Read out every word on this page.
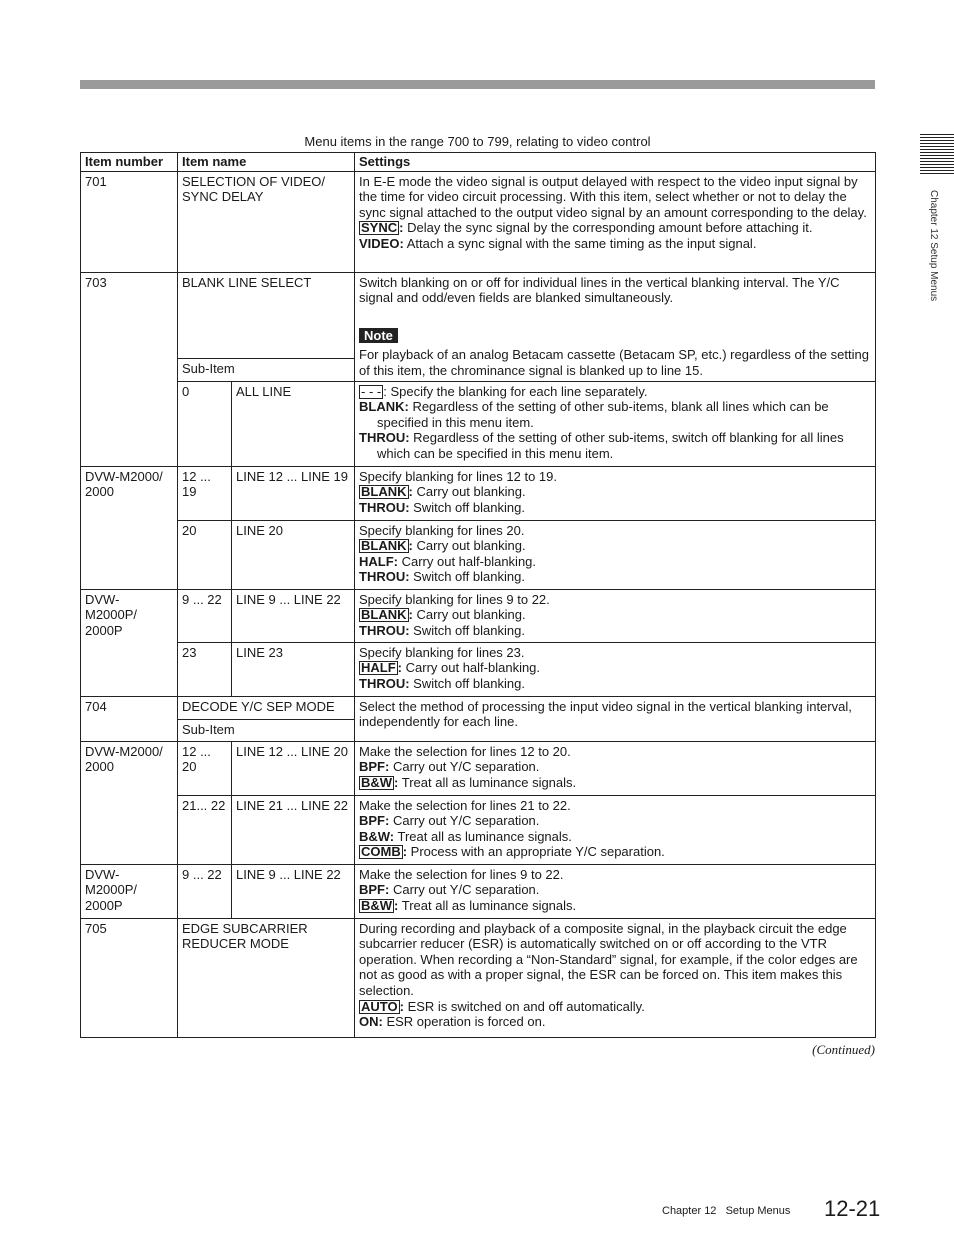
Chapter 12 Setup Menus
Menu items in the range 700 to 799, relating to video control
Item number	Item name		Settings
701	SELECTION OF VIDEO/ SYNC DELAY		In E-E mode the video signal is output delayed with respect to the video input signal by the time for video circuit processing. With this item, select whether or not to delay the sync signal attached to the output video signal by an amount corresponding to the delay.
SYNC : Delay the sync signal by the corresponding amount before attaching it.
VIDEO: Attach a sync signal with the same timing as the input signal.

703	BLANK LINE SELECT		Switch blanking on or off for individual lines in the vertical blanking interval. The Y/C signal and odd/even fields are blanked simultaneously.
Note
For playback of an analog Betacam cassette (Betacam SP, etc.) regardless of the setting of this item, the chrominance signal is blanked up to line 15.

	Sub-Item		
	0	ALL LINE	- - - : Specify the blanking for each line separately.
BLANK: Regardless of the setting of other sub-items, blank all lines which can be specified in this menu item.
THROU: Regardless of the setting of other sub-items, switch off blanking for all lines which can be specified in this menu item.

DVW-M2000/ 2000	12 ... 19	LINE 12 ... LINE 19	Specify blanking for lines 12 to 19.
BLANK : Carry out blanking.
THROU: Switch off blanking.

	20	LINE 20	Specify blanking for lines 20.
BLANK : Carry out blanking.
HALF: Carry out half-blanking.
THROU: Switch off blanking.

DVW- M2000P/ 2000P	9 ... 22	LINE 9 ... LINE 22	Specify blanking for lines 9 to 22.
BLANK : Carry out blanking.
THROU: Switch off blanking.

	23	LINE 23	Specify blanking for lines 23.
HALF : Carry out half-blanking.
THROU: Switch off blanking.

704	DECODE Y/C SEP MODE		Select the method of processing the input video signal in the vertical blanking interval, independently for each line.
	Sub-Item		
DVW-M2000/ 2000	12 ... 20	LINE 12 ... LINE 20	Make the selection for lines 12 to 20.
BPF: Carry out Y/C separation.
B&W : Treat all as luminance signals.

	21... 22	LINE 21 ... LINE 22	Make the selection for lines 21 to 22.
BPF: Carry out Y/C separation.
B&W: Treat all as luminance signals.
COMB : Process with an appropriate Y/C separation.

DVW- M2000P/ 2000P	9 ... 22	LINE 9 ... LINE 22	Make the selection for lines 9 to 22.
BPF: Carry out Y/C separation.
B&W : Treat all as luminance signals.

705	EDGE SUBCARRIER REDUCER MODE		During recording and playback of a composite signal, in the playback circuit the edge subcarrier reducer (ESR) is automatically switched on or off according to the VTR operation. When recording a “Non-Standard” signal, for example, if the color edges are not as good as with a proper signal, the ESR can be forced on. This item makes this selection.
AUTO : ESR is switched on and off automatically.
ON: ESR operation is forced on.
(Continued)
Chapter 12   Setup Menus 12-21
